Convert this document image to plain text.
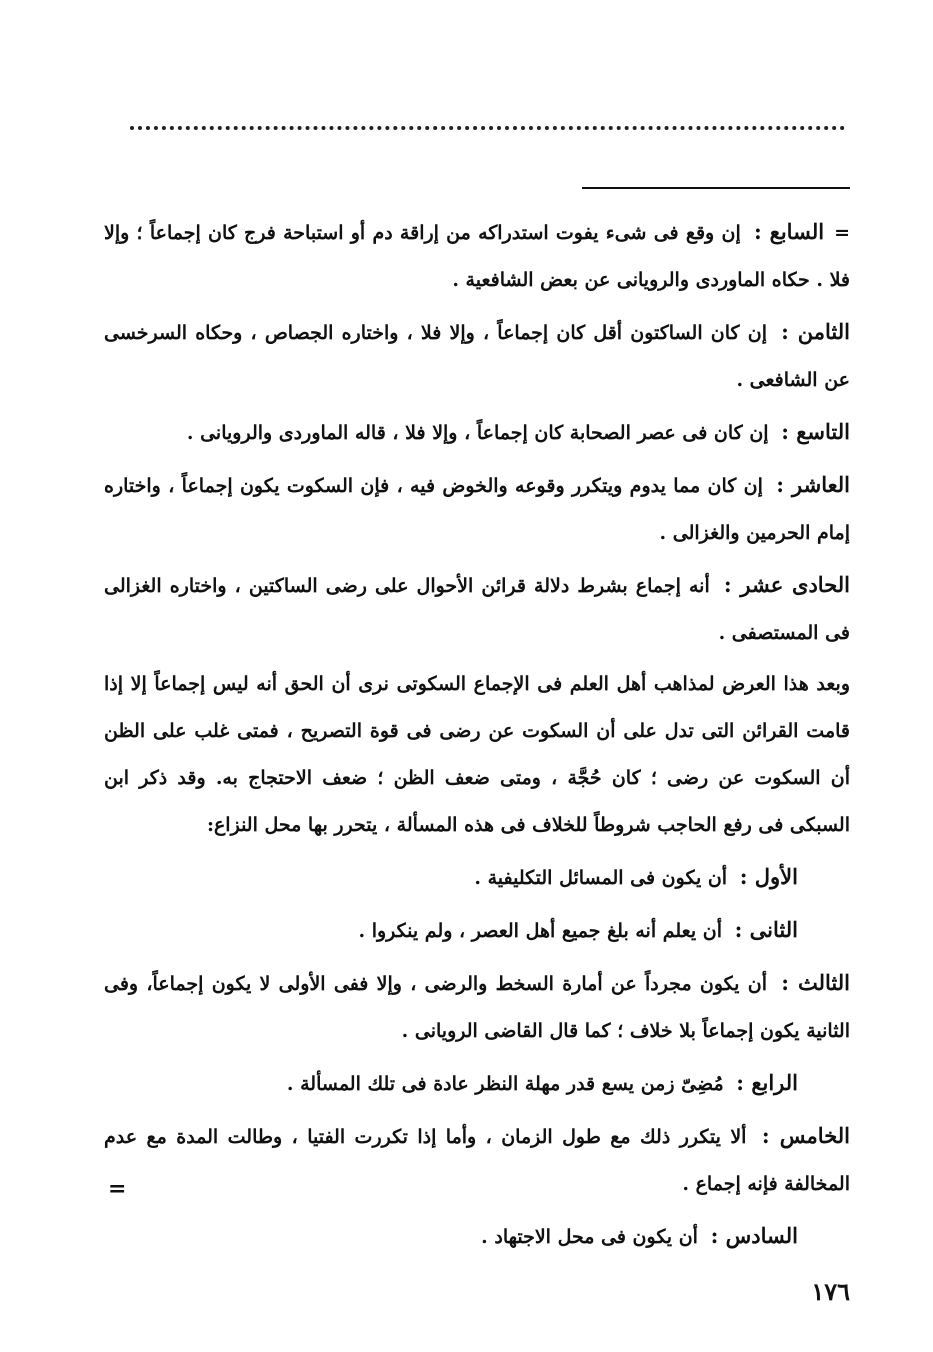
=السابع : إن وقع فى شىء يفوت استدراكه من إراقة دم أو استباحة فرج كان إجماعاً ؛ وإلا فلا . حكاه الماوردى والرويانى عن بعض الشافعية .

الثامن : إن كان الساكتون أقل كان إجماعاً ، وإلا فلا ، واختاره الجصاص ، وحكاه السرخسى عن الشافعى .

التاسع : إن كان فى عصر الصحابة كان إجماعاً ، وإلا فلا ، قاله الماوردى والرويانى .

العاشر : إن كان مما يدوم ويتكرر وقوعه والخوض فيه ، فإن السكوت يكون إجماعاً ، واختاره إمام الحرمين والغزالى .

الحادى عشر : أنه إجماع بشرط دلالة قرائن الأحوال على رضى الساكتين ، واختاره الغزالى فى المستصفى .

وبعد هذا العرض لمذاهب أهل العلم فى الإجماع السكوتى نرى أن الحق أنه ليس إجماعاً إلا إذا قامت القرائن التى تدل على أن السكوت عن رضى فى قوة التصريح ، فمتى غلب على الظن أن السكوت عن رضى ؛ كان حُجَّة ، ومتى ضعف الظن ؛ ضعف الاحتجاج به. وقد ذكر ابن السبكى فى رفع الحاجب شروطاً للخلاف فى هذه المسألة ، يتحرر بها محل النزاع:

الأول : أن يكون فى المسائل التكليفية .

الثانى : أن يعلم أنه بلغ جميع أهل العصر ، ولم ينكروا .

الثالث : أن يكون مجرداً عن أمارة السخط والرضى ، وإلا ففى الأولى لا يكون إجماعاً، وفى الثانية يكون إجماعاً بلا خلاف ؛ كما قال القاضى الرويانى .

الرابع : مُضِىّ زمن يسع قدر مهلة النظر عادة فى تلك المسألة .

الخامس : ألا يتكرر ذلك مع طول الزمان ، وأما إذا تكررت الفتيا ، وطالت المدة مع عدم المخالفة فإنه إجماع .

السادس : أن يكون فى محل الاجتهاد .

=
١٧٦
